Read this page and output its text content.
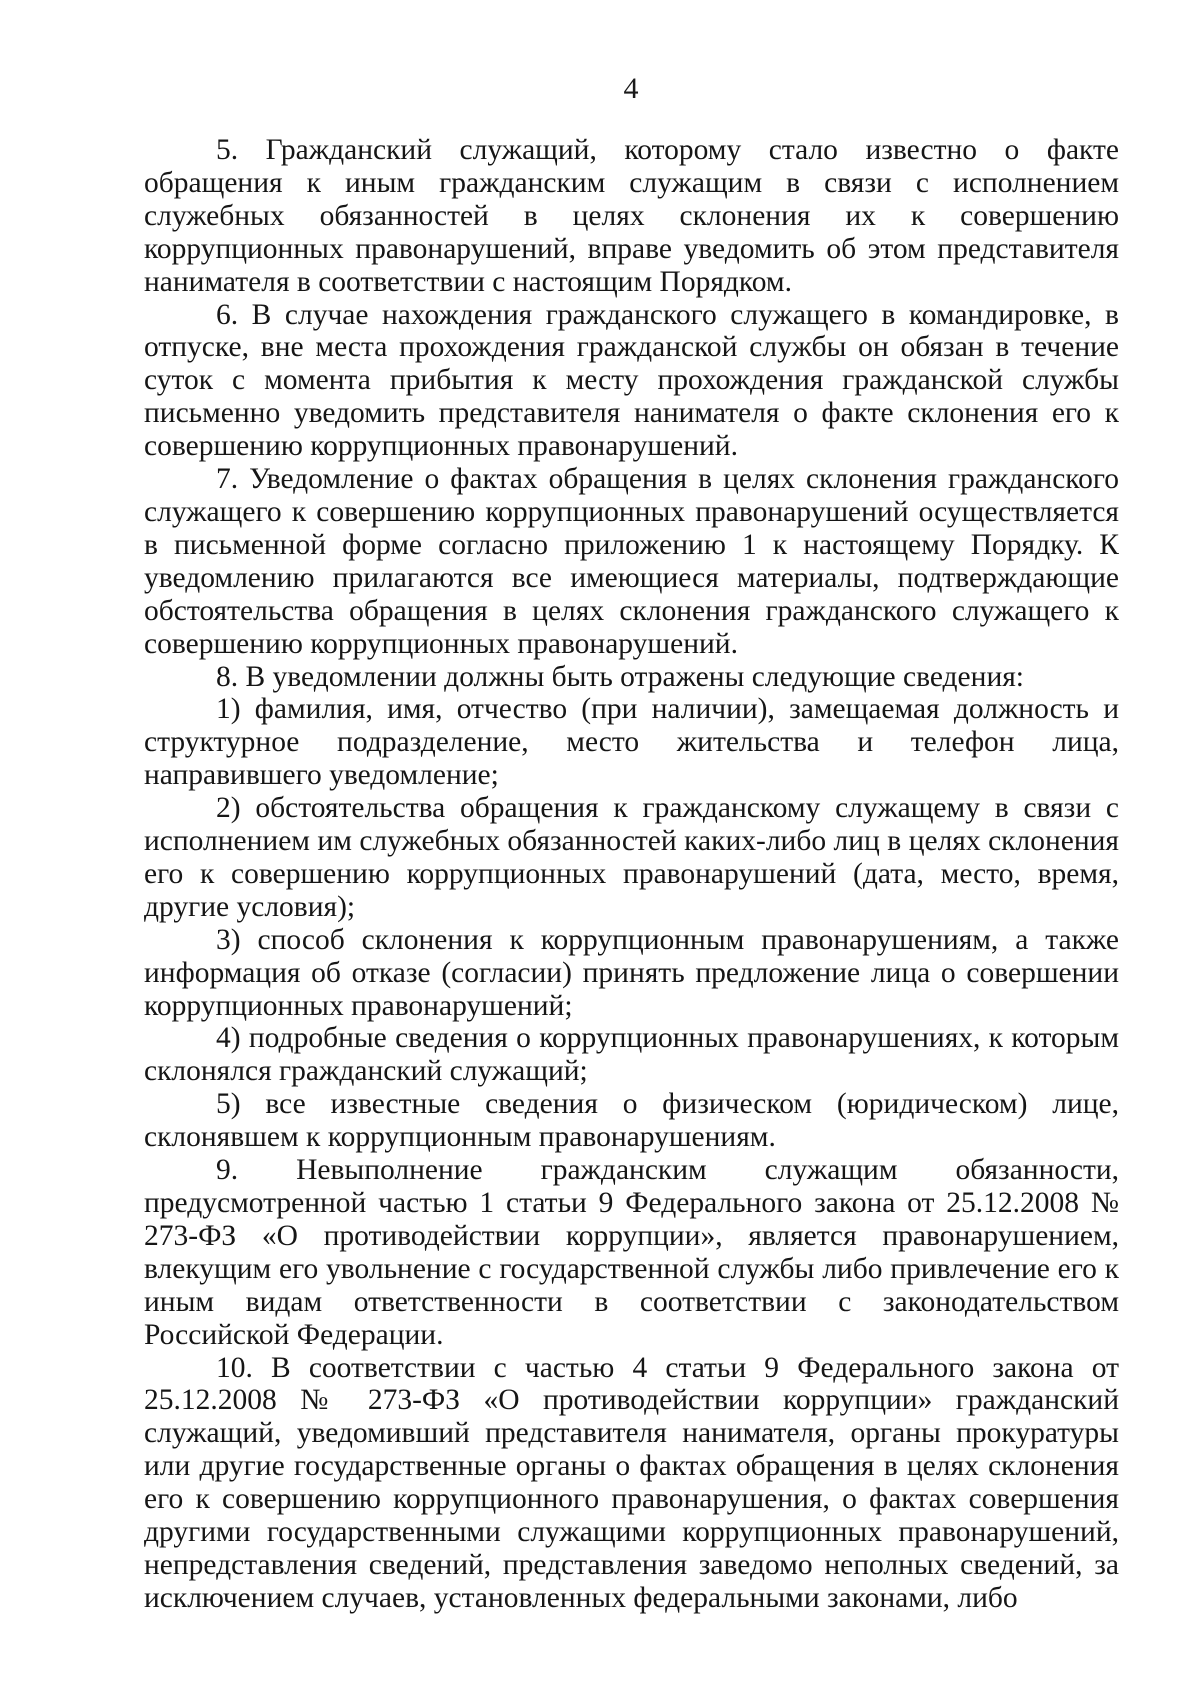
4

5. Гражданский служащий, которому стало известно о факте обращения к иным гражданским служащим в связи с исполнением служебных обязанностей в целях склонения их к совершению коррупционных правонарушений, вправе уведомить об этом представителя нанимателя в соответствии с настоящим Порядком.

6. В случае нахождения гражданского служащего в командировке, в отпуске, вне места прохождения гражданской службы он обязан в течение суток с момента прибытия к месту прохождения гражданской службы письменно уведомить представителя нанимателя о факте склонения его к совершению коррупционных правонарушений.

7. Уведомление о фактах обращения в целях склонения гражданского служащего к совершению коррупционных правонарушений осуществляется в письменной форме согласно приложению 1 к настоящему Порядку. К уведомлению прилагаются все имеющиеся материалы, подтверждающие обстоятельства обращения в целях склонения гражданского служащего к совершению коррупционных правонарушений.

8. В уведомлении должны быть отражены следующие сведения:

1) фамилия, имя, отчество (при наличии), замещаемая должность и структурное подразделение, место жительства и телефон лица, направившего уведомление;

2) обстоятельства обращения к гражданскому служащему в связи с исполнением им служебных обязанностей каких-либо лиц в целях склонения его к совершению коррупционных правонарушений (дата, место, время, другие условия);

3) способ склонения к коррупционным правонарушениям, а также информация об отказе (согласии) принять предложение лица о совершении коррупционных правонарушений;

4) подробные сведения о коррупционных правонарушениях, к которым склонялся гражданский служащий;

5) все известные сведения о физическом (юридическом) лице, склонявшем к коррупционным правонарушениям.

9. Невыполнение гражданским служащим обязанности, предусмотренной частью 1 статьи 9 Федерального закона от 25.12.2008 № 273-ФЗ «О противодействии коррупции», является правонарушением, влекущим его увольнение с государственной службы либо привлечение его к иным видам ответственности в соответствии с законодательством Российской Федерации.

10. В соответствии с частью 4 статьи 9 Федерального закона от 25.12.2008 № 273-ФЗ «О противодействии коррупции» гражданский служащий, уведомивший представителя нанимателя, органы прокуратуры или другие государственные органы о фактах обращения в целях склонения его к совершению коррупционного правонарушения, о фактах совершения другими государственными служащими коррупционных правонарушений, непредставления сведений, представления заведомо неполных сведений, за исключением случаев, установленных федеральными законами, либо
